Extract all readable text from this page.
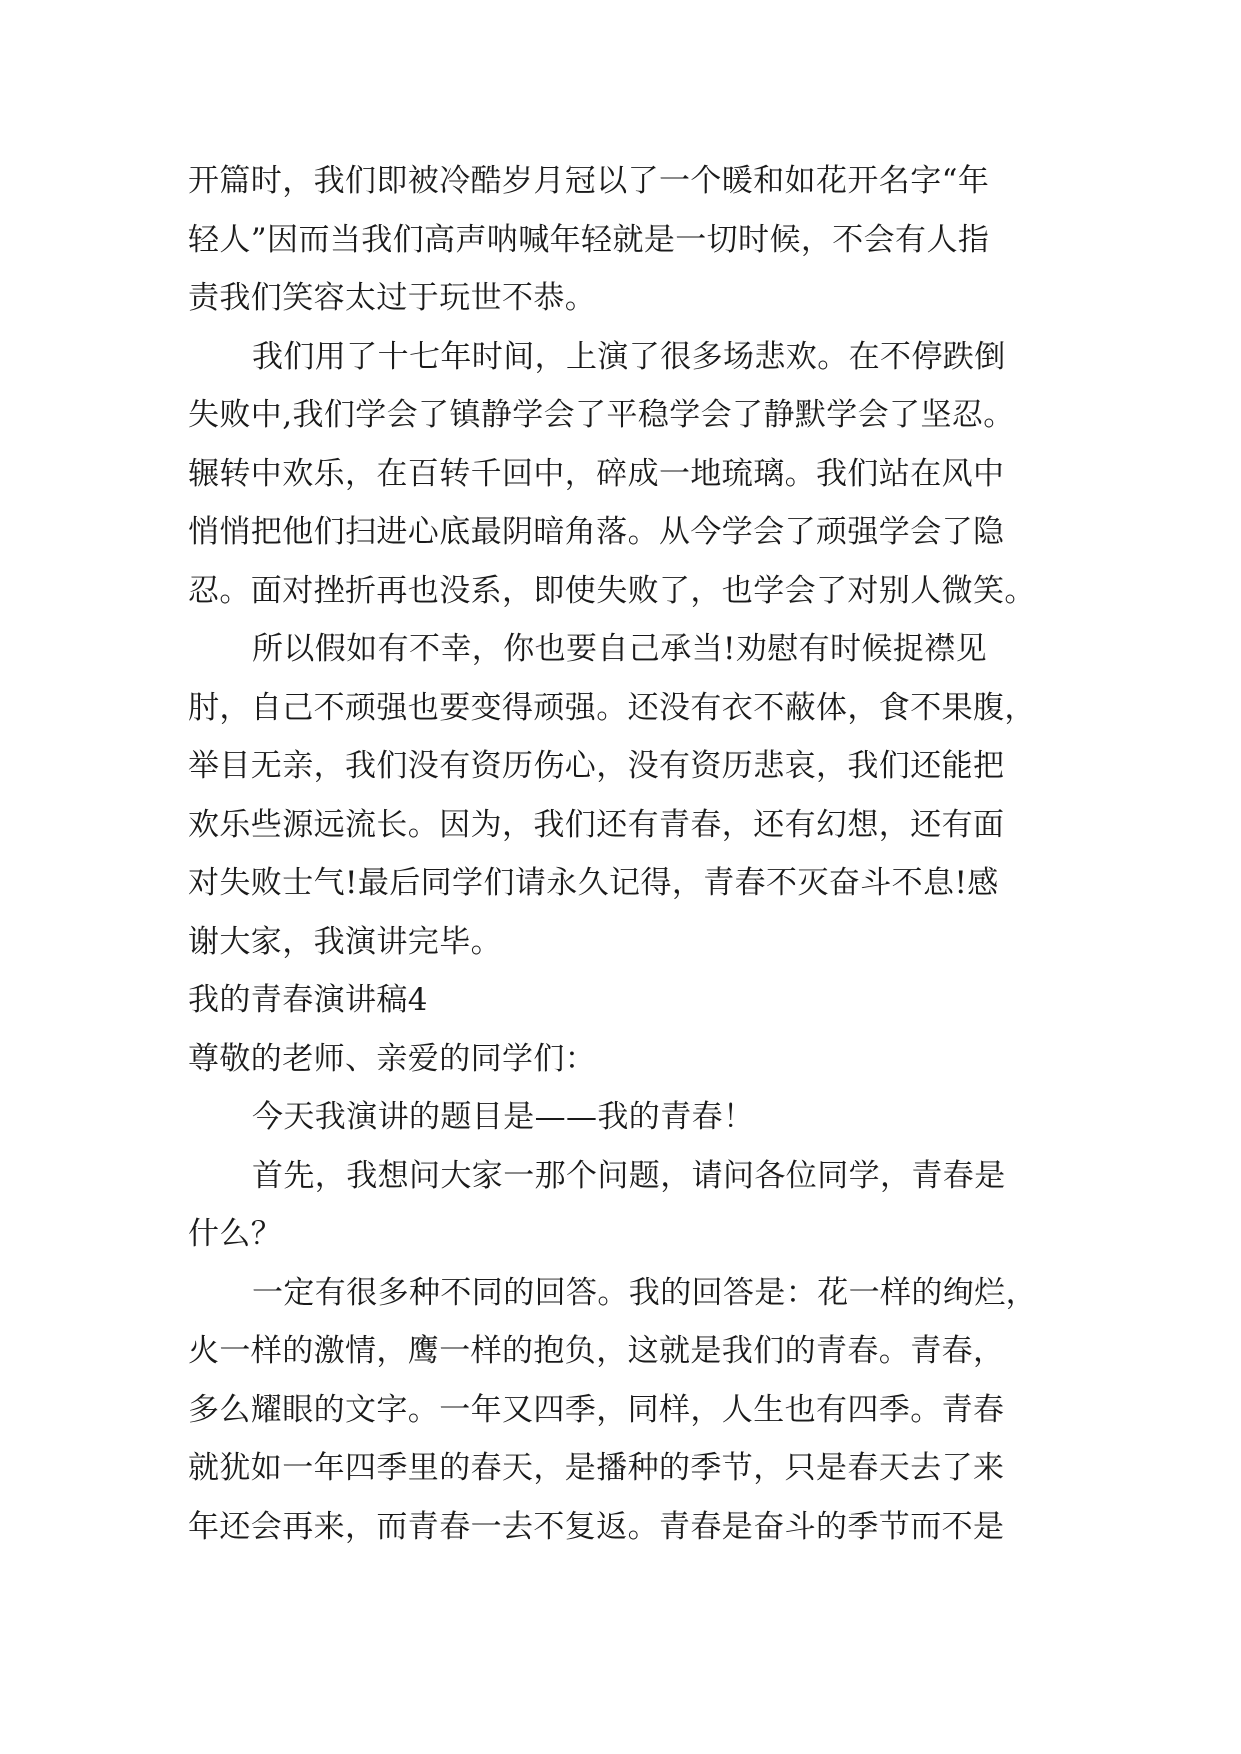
开篇时，我们即被冷酷岁月冠以了一个暖和如花开名字“年
轻人”因而当我们高声呐喊年轻就是一切时候，不会有人指
责我们笑容太过于玩世不恭。
我们用了十七年时间，上演了很多场悲欢。在不停跌倒
失败中,我们学会了镇静学会了平稳学会了静默学会了坚忍。
辗转中欢乐，在百转千回中，碎成一地琉璃。我们站在风中
悄悄把他们扫进心底最阴暗角落。从今学会了顽强学会了隐
忍。面对挫折再也没系，即使失败了，也学会了对别人微笑。
所以假如有不幸，你也要自己承当!劝慰有时候捉襟见
肘，自己不顽强也要变得顽强。还没有衣不蔽体，食不果腹，
举目无亲，我们没有资历伤心，没有资历悲哀，我们还能把
欢乐些源远流长。因为，我们还有青春，还有幻想，还有面
对失败士气!最后同学们请永久记得，青春不灭奋斗不息!感
谢大家，我演讲完毕。
我的青春演讲稿4
尊敬的老师、亲爱的同学们：
今天我演讲的题目是——我的青春！
首先，我想问大家一那个问题，请问各位同学，青春是
什么？
一定有很多种不同的回答。我的回答是：花一样的绚烂，
火一样的激情，鹰一样的抱负，这就是我们的青春。青春，
多么耀眼的文字。一年又四季，同样，人生也有四季。青春
就犹如一年四季里的春天，是播种的季节，只是春天去了来
年还会再来，而青春一去不复返。青春是奋斗的季节而不是
